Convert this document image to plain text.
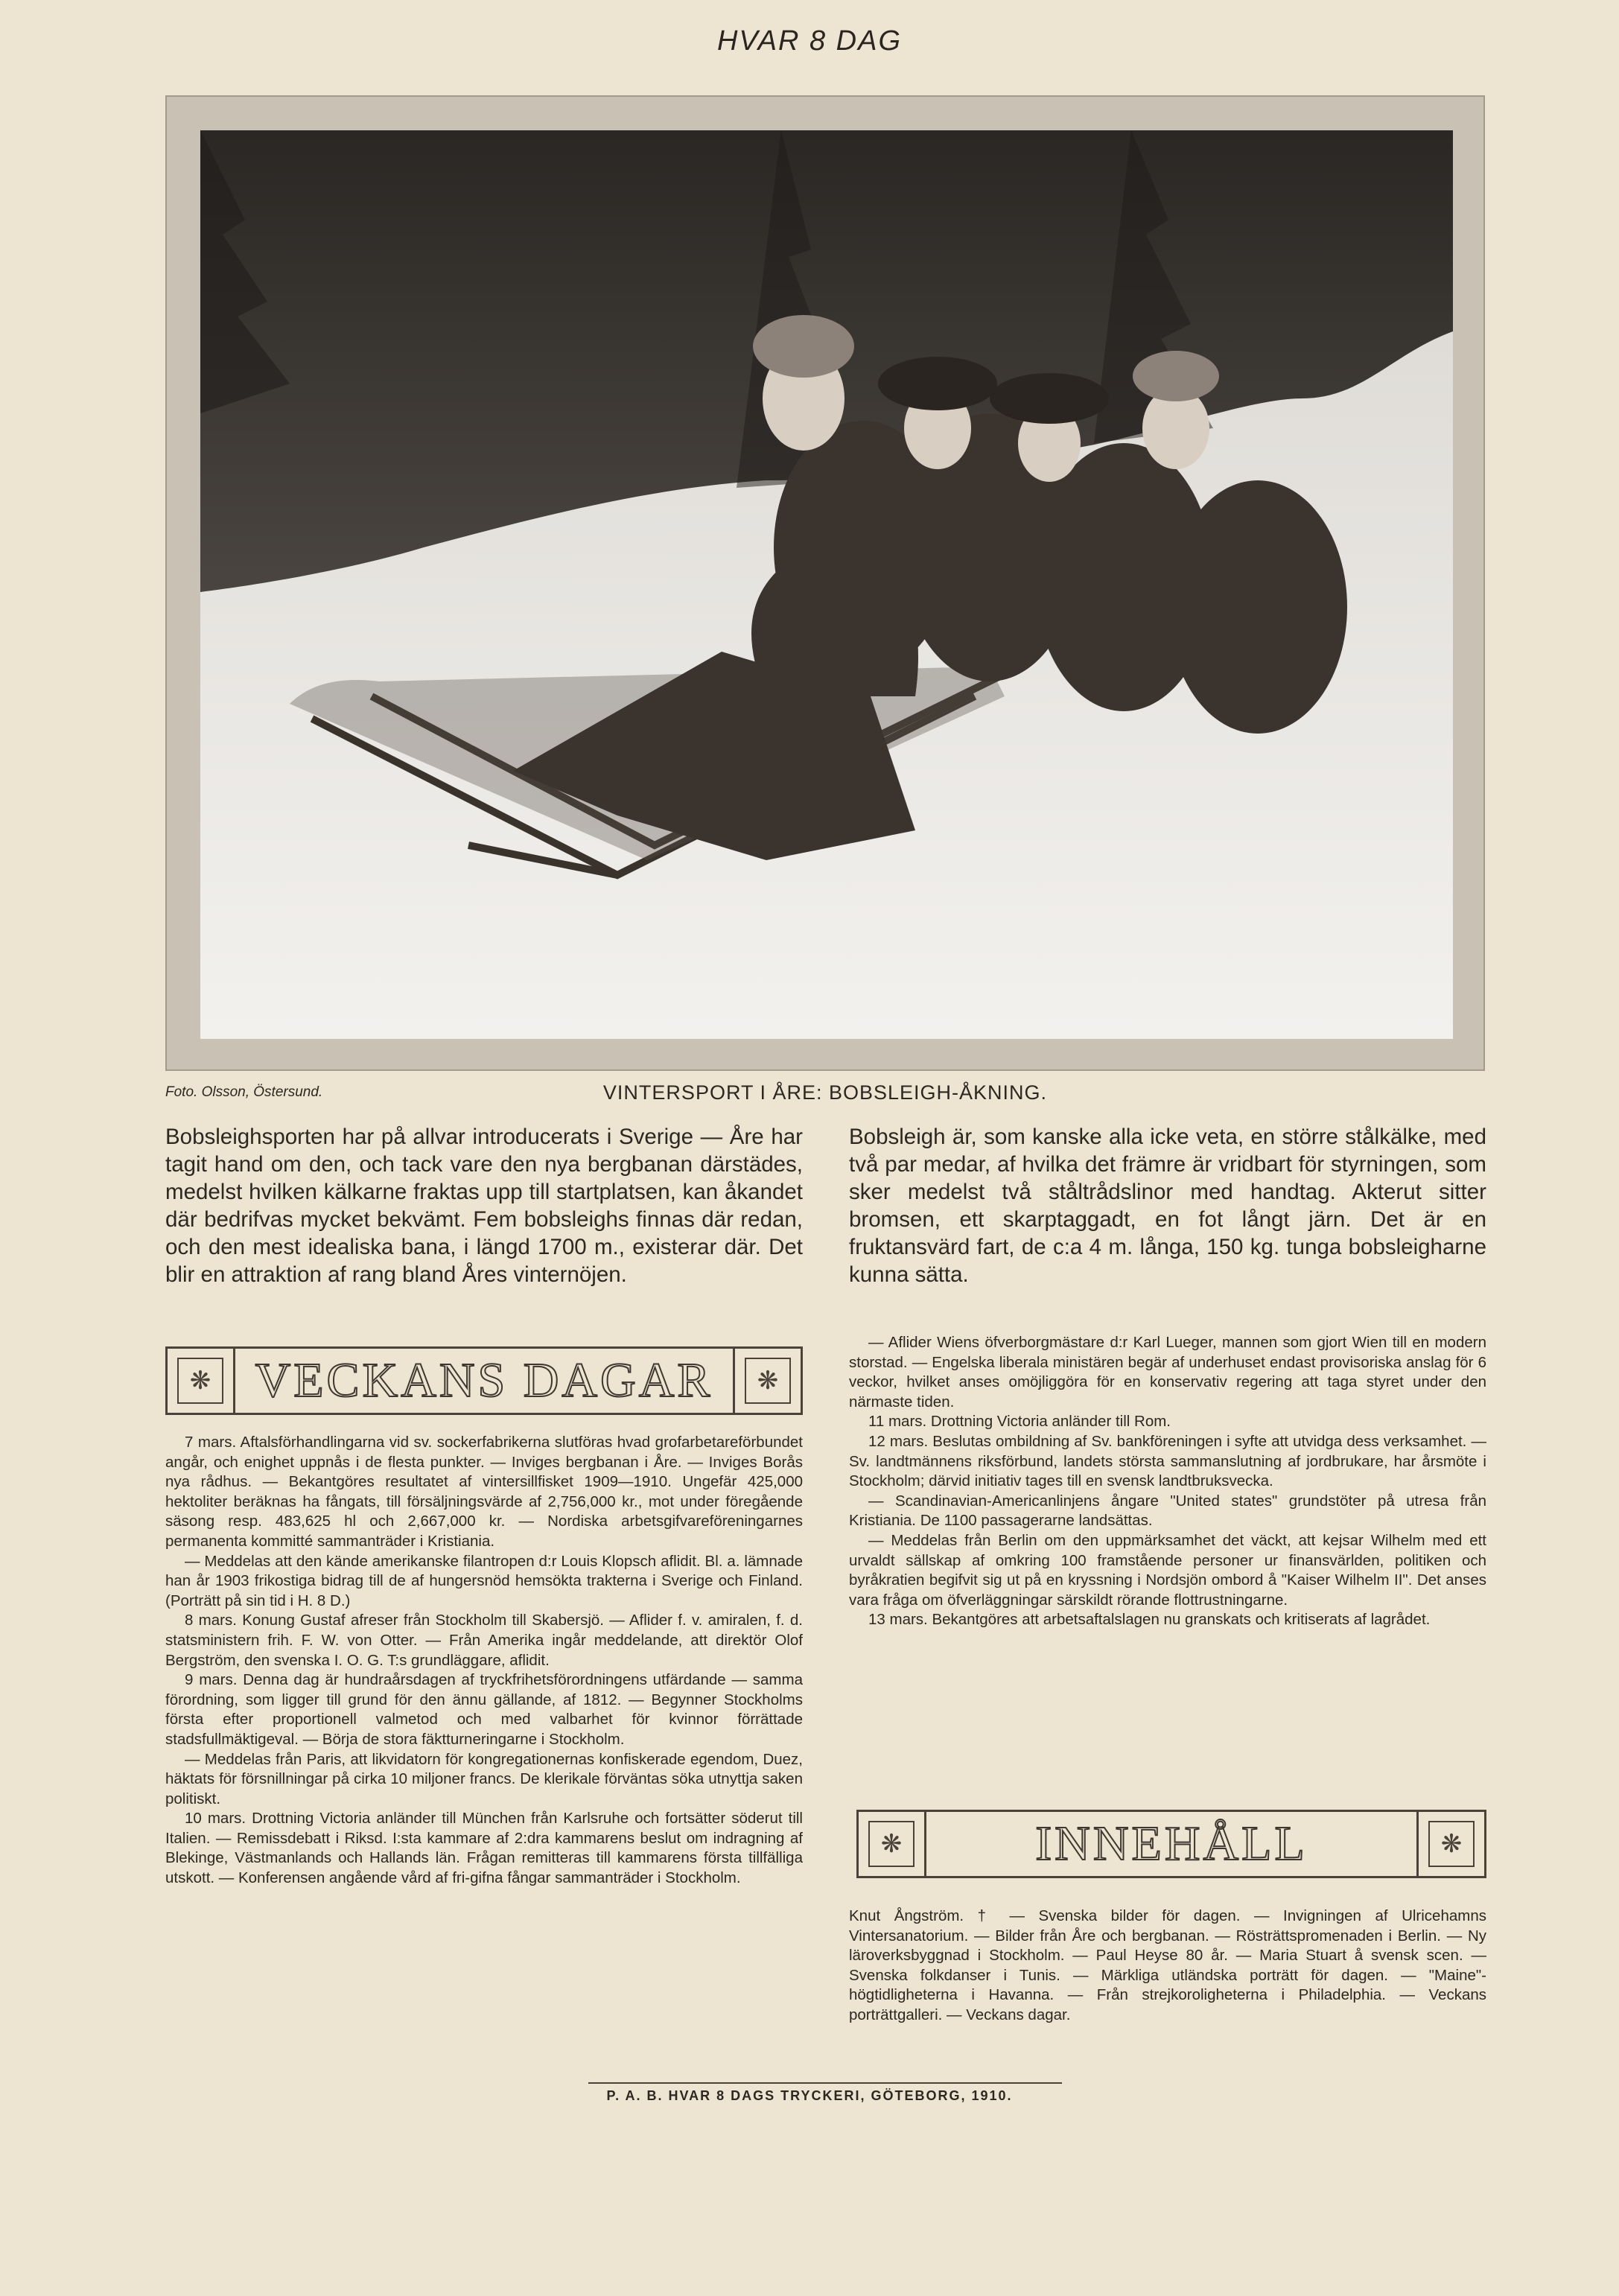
HVAR 8 DAG
Foto. Olsson, Östersund.	VINTERSPORT I ÅRE: BOBSLEIGH-ÅKNING.

Bobsleighsporten har på allvar introducerats i Sverige — Åre har tagit hand om den, och tack vare den nya bergbanan därstädes, medelst hvilken kälkarne fraktas upp till startplatsen, kan åkandet där bedrifvas mycket bekvämt. Fem bobsleighs finnas där redan, och den mest idealiska bana, i längd 1700 m., existerar där. Det blir en attraktion af rang bland Åres vinternöjen.

Bobsleigh är, som kanske alla icke veta, en större stålkälke, med två par medar, af hvilka det främre är vridbart för styrningen, som sker medelst två ståltrådslinor med handtag. Akterut sitter bromsen, ett skarptaggadt, en fot långt järn. Det är en fruktansvärd fart, de c:a 4 m. långa, 150 kg. tunga bobsleigharne kunna sätta.

❋ VECKANS DAGAR	❋

7 mars. Aftalsförhandlingarna vid sv. sockerfabrikerna slutföras hvad grofarbetareförbundet angår, och enighet uppnås i de flesta punkter. — Inviges bergbanan i Åre. — Inviges Borås nya rådhus. — Bekantgöres resultatet af vintersillfisket 1909—1910. Ungefär 425,000 hektoliter beräknas ha fångats, till försäljningsvärde af 2,756,000 kr., mot under föregående säsong resp. 483,625 hl och 2,667,000 kr. — Nordiska arbetsgifvareföreningarnes permanenta kommitté sammanträder i Kristiania.

— Meddelas att den kände amerikanske filantropen d:r Louis Klopsch aflidit. Bl. a. lämnade han år 1903 frikostiga bidrag till de af hungersnöd hemsökta trakterna i Sverige och Finland. (Porträtt på sin tid i H. 8 D.)

8 mars. Konung Gustaf afreser från Stockholm till Skabersjö. — Aflider f. v. amiralen, f. d. statsministern frih. F. W. von Otter. — Från Amerika ingår meddelande, att direktör Olof Bergström, den svenska I. O. G. T:s grundläggare, aflidit.

9 mars. Denna dag är hundraårsdagen af tryckfrihetsförordningens utfärdande — samma förordning, som ligger till grund för den ännu gällande, af 1812. — Begynner Stockholms första efter proportionell valmetod och med valbarhet för kvinnor förrättade stadsfullmäktigeval. — Börja de stora fäktturneringarne i Stockholm.

— Meddelas från Paris, att likvidatorn för kongregationernas konfiskerade egendom, Duez, häktats för försnillningar på cirka 10 miljoner francs. De klerikale förväntas söka utnyttja saken politiskt.

10 mars. Drottning Victoria anländer till München från Karlsruhe och fortsätter söderut till Italien. — Remissdebatt i Riksd. I:sta kammare af 2:dra kammarens beslut om indragning af Blekinge, Västmanlands och Hallands län. Frågan remitteras till kammarens första tillfälliga utskott. — Konferensen angående vård af fri-gifna fångar sammanträder i Stockholm.

— Aflider Wiens öfverborgmästare d:r Karl Lueger, mannen som gjort Wien till en modern storstad. — Engelska liberala ministären begär af underhuset endast provisoriska anslag för 6 veckor, hvilket anses omöjliggöra för en konservativ regering att taga styret under den närmaste tiden.

11 mars. Drottning Victoria anländer till Rom.

12 mars. Beslutas ombildning af Sv. bankföreningen i syfte att utvidga dess verksamhet. — Sv. landtmännens riksförbund, landets största sammanslutning af jordbrukare, har årsmöte i Stockholm; därvid initiativ tages till en svensk landtbruksvecka.

— Scandinavian-Americanlinjens ångare "United states" grundstöter på utresa från Kristiania. De 1100 passagerarne landsättas.

— Meddelas från Berlin om den uppmärksamhet det väckt, att kejsar Wilhelm med ett urvaldt sällskap af omkring 100 framstående personer ur finansvärlden, politiken och byråkratien begifvit sig ut på en kryssning i Nordsjön ombord å "Kaiser Wilhelm II". Det anses vara fråga om öfverläggningar särskildt rörande flottrustningarne.

13 mars. Bekantgöres att arbetsaftalslagen nu granskats och kritiserats af lagrådet.

❋	INNEHÅLL	❋

Knut Ångström. † — Svenska bilder för dagen. — Invigningen af Ulricehamns Vintersanatorium. — Bilder från Åre och bergbanan. — Rösträttspromenaden i Berlin. — Ny läroverksbyggnad i Stockholm. — Paul Heyse 80 år. — Maria Stuart å svensk scen. — Svenska folkdanser i Tunis. — Märkliga utländska porträtt för dagen. — "Maine"-högtidligheterna i Havanna. — Från strejkoroligheterna i Philadelphia. — Veckans porträttgalleri. — Veckans dagar.

P. A. B. HVAR 8 DAGS TRYCKERI, GÖTEBORG, 1910.
